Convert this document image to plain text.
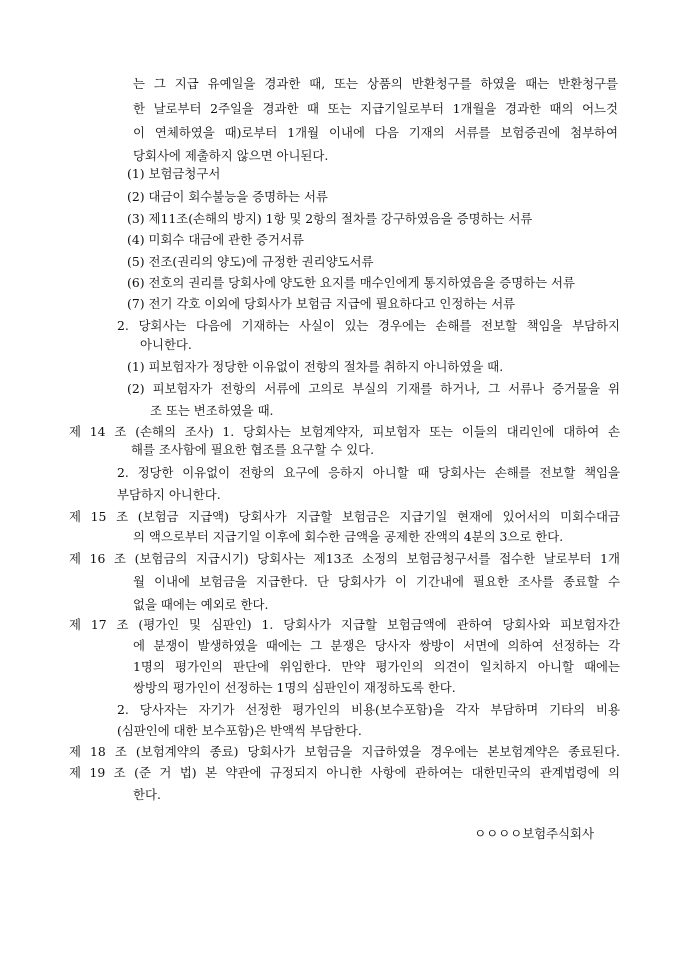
는 그 지급 유예일을 경과한 때, 또는 상품의 반환청구를 하였을 때는 반환청구를
한 날로부터 2주일을 경과한 때 또는 지급기일로부터 1개월을 경과한 때의 어느것
이 연체하였을 때)로부터 1개월 이내에 다음 기재의 서류를 보험증권에 첨부하여
당회사에 제출하지 않으면 아니된다.
(1) 보험금청구서
(2) 대금이 회수불능을 증명하는 서류
(3) 제11조(손해의 방지) 1항 및 2항의 절차를 강구하였음을 증명하는 서류
(4) 미회수 대금에 관한 증거서류
(5) 전조(권리의 양도)에 규정한 권리양도서류
(6) 전호의 권리를 당회사에 양도한 요지를 매수인에게 통지하였음을 증명하는 서류
(7) 전기 각호 이외에 당회사가 보험금 지급에 필요하다고 인정하는 서류
2. 당회사는 다음에 기재하는 사실이 있는 경우에는 손해를 전보할 책임을 부담하지
아니한다.
(1) 피보험자가 정당한 이유없이 전항의 절차를 취하지 아니하였을 때.
(2) 피보험자가 전항의 서류에 고의로 부실의 기재를 하거나, 그 서류나 증거물을 위
조 또는 변조하였을 때.
제 14 조 (손해의 조사) 1. 당회사는 보험계약자, 피보험자 또는 이들의 대리인에 대하여 손
해를 조사함에 필요한 협조를 요구할 수 있다.
2. 정당한 이유없이 전항의 요구에 응하지 아니할 때 당회사는 손해를 전보할 책임을
부담하지 아니한다.
제 15 조 (보험금 지급액) 당회사가 지급할 보험금은 지급기일 현재에 있어서의 미회수대금
의 액으로부터 지급기일 이후에 회수한 금액을 공제한 잔액의 4분의 3으로 한다.
제 16 조 (보험금의 지급시기) 당회사는 제13조 소정의 보험금청구서를 접수한 날로부터 1개
월 이내에 보험금을 지급한다. 단 당회사가 이 기간내에 필요한 조사를 종료할 수
없을 때에는 예외로 한다.
제 17 조 (평가인 및 심판인) 1. 당회사가 지급할 보험금액에 관하여 당회사와 피보험자간
에 분쟁이 발생하였을 때에는 그 분쟁은 당사자 쌍방이 서면에 의하여 선정하는 각
1명의 평가인의 판단에 위임한다. 만약 평가인의 의견이 일치하지 아니할 때에는
쌍방의 평가인이 선정하는 1명의 심판인이 재정하도록 한다.
2. 당사자는 자기가 선정한 평가인의 비용(보수포함)을 각자 부담하며 기타의 비용
(심판인에 대한 보수포함)은 반액씩 부담한다.
제 18 조 (보험계약의 종료) 당회사가 보험금을 지급하였을 경우에는 본보험계약은 종료된다.
제 19 조 (준 거 법) 본 약관에 규정되지 아니한 사항에 관하여는 대한민국의 관계법령에 의
한다.
ㅇㅇㅇㅇ보험주식회사
